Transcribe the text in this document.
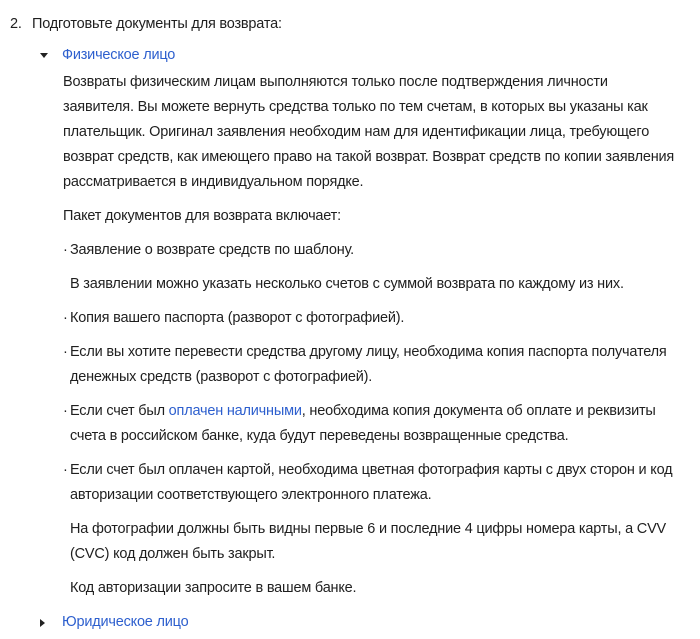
2. Подготовьте документы для возврата:
Физическое лицо

Возвраты физическим лицам выполняются только после подтверждения личности заявителя. Вы можете вернуть средства только по тем счетам, в которых вы указаны как плательщик. Оригинал заявления необходим нам для идентификации лица, требующего возврат средств, как имеющего право на такой возврат. Возврат средств по копии заявления рассматривается в индивидуальном порядке.

Пакет документов для возврата включает:

· Заявление о возврате средств по шаблону.

В заявлении можно указать несколько счетов с суммой возврата по каждому из них.

· Копия вашего паспорта (разворот с фотографией).
· Если вы хотите перевести средства другому лицу, необходима копия паспорта получателя денежных средств (разворот с фотографией).
· Если счет был оплачен наличными, необходима копия документа об оплате и реквизиты счета в российском банке, куда будут переведены возвращенные средства.
· Если счет был оплачен картой, необходима цветная фотография карты с двух сторон и код авторизации соответствующего электронного платежа.

На фотографии должны быть видны первые 6 и последние 4 цифры номера карты, а CVV (CVC) код должен быть закрыт.

Код авторизации запросите в вашем банке.

Юридическое лицо
